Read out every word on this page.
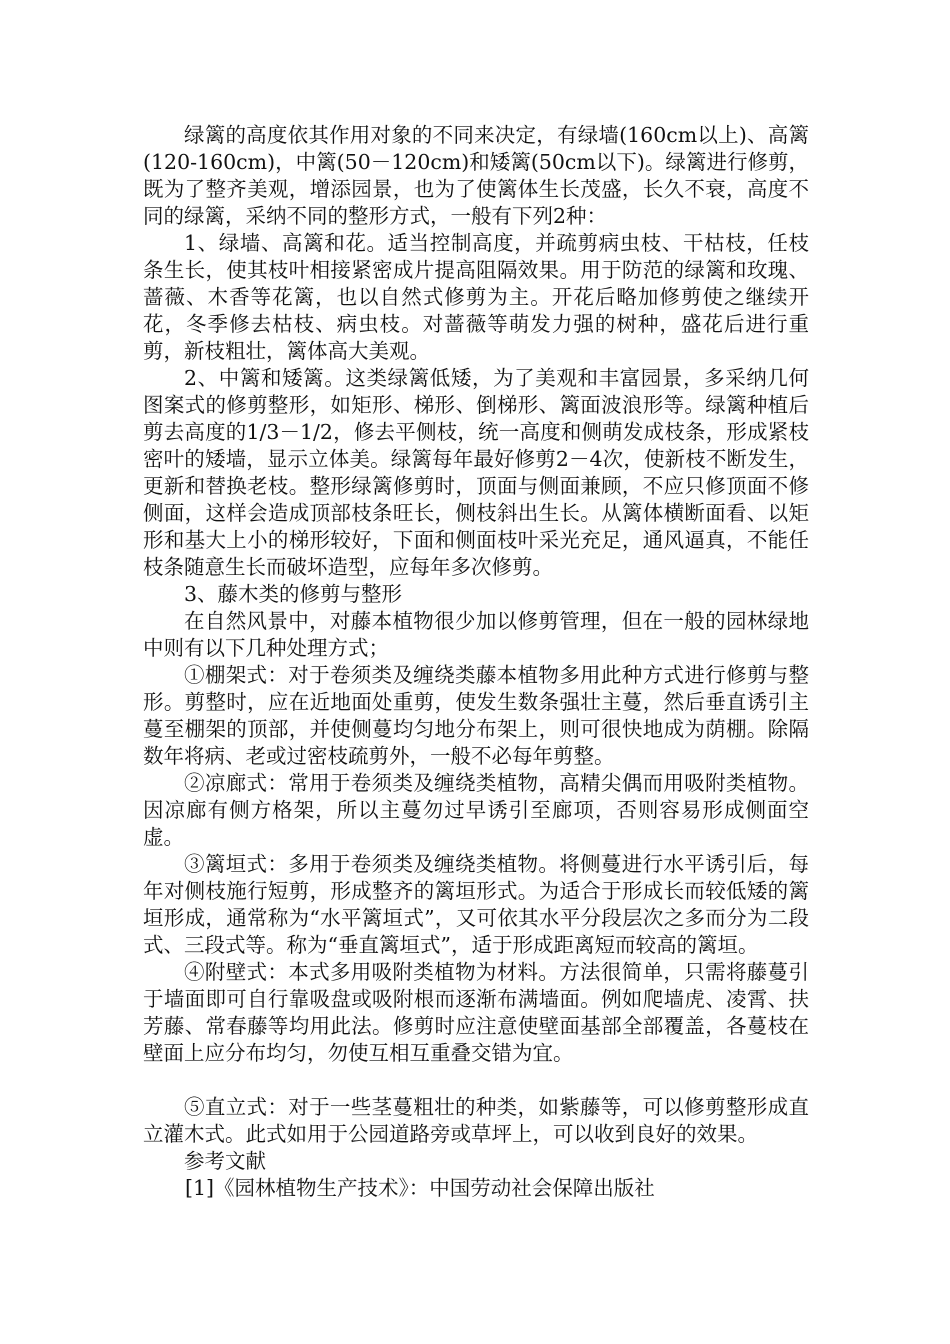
绿篱的高度依其作用对象的不同来决定，有绿墙(160cm以上)、高篱(120-160cm)，中篱(50－120cm)和矮篱(50cm以下)。绿篱进行修剪，既为了整齐美观，增添园景，也为了使篱体生长茂盛，长久不衰，高度不同的绿篱，采纳不同的整形方式，一般有下列2种：

1、绿墙、高篱和花。适当控制高度，并疏剪病虫枝、干枯枝，任枝条生长，使其枝叶相接紧密成片提高阻隔效果。用于防范的绿篱和玫瑰、蔷薇、木香等花篱，也以自然式修剪为主。开花后略加修剪使之继续开花，冬季修去枯枝、病虫枝。对蔷薇等萌发力强的树种，盛花后进行重剪，新枝粗壮，篱体高大美观。

2、中篱和矮篱。这类绿篱低矮，为了美观和丰富园景，多采纳几何图案式的修剪整形，如矩形、梯形、倒梯形、篱面波浪形等。绿篱种植后剪去高度的1/3－1/2，修去平侧枝，统一高度和侧萌发成枝条，形成紧枝密叶的矮墙，显示立体美。绿篱每年最好修剪2－4次，使新枝不断发生，更新和替换老枝。整形绿篱修剪时，顶面与侧面兼顾，不应只修顶面不修侧面，这样会造成顶部枝条旺长，侧枝斜出生长。从篱体横断面看、以矩形和基大上小的梯形较好，下面和侧面枝叶采光充足，通风逼真，不能任枝条随意生长而破坏造型，应每年多次修剪。

3、藤木类的修剪与整形

在自然风景中，对藤本植物很少加以修剪管理，但在一般的园林绿地中则有以下几种处理方式；

①棚架式：对于卷须类及缠绕类藤本植物多用此种方式进行修剪与整形。剪整时，应在近地面处重剪，使发生数条强壮主蔓，然后垂直诱引主蔓至棚架的顶部，并使侧蔓均匀地分布架上，则可很快地成为荫棚。除隔数年将病、老或过密枝疏剪外，一般不必每年剪整。

②凉廊式：常用于卷须类及缠绕类植物，高精尖偶而用吸附类植物。因凉廊有侧方格架，所以主蔓勿过早诱引至廊项，否则容易形成侧面空虚。

③篱垣式：多用于卷须类及缠绕类植物。将侧蔓进行水平诱引后，每年对侧枝施行短剪，形成整齐的篱垣形式。为适合于形成长而较低矮的篱垣形成，通常称为“水平篱垣式”，又可依其水平分段层次之多而分为二段式、三段式等。称为“垂直篱垣式”，适于形成距离短而较高的篱垣。

④附壁式：本式多用吸附类植物为材料。方法很简单，只需将藤蔓引于墙面即可自行靠吸盘或吸附根而逐渐布满墙面。例如爬墙虎、凌霄、扶芳藤、常春藤等均用此法。修剪时应注意使壁面基部全部覆盖，各蔓枝在壁面上应分布均匀，勿使互相互重叠交错为宜。

⑤直立式：对于一些茎蔓粗壮的种类，如紫藤等，可以修剪整形成直立灌木式。此式如用于公园道路旁或草坪上，可以收到良好的效果。

参考文献

[1]《园林植物生产技术》：中国劳动社会保障出版社
